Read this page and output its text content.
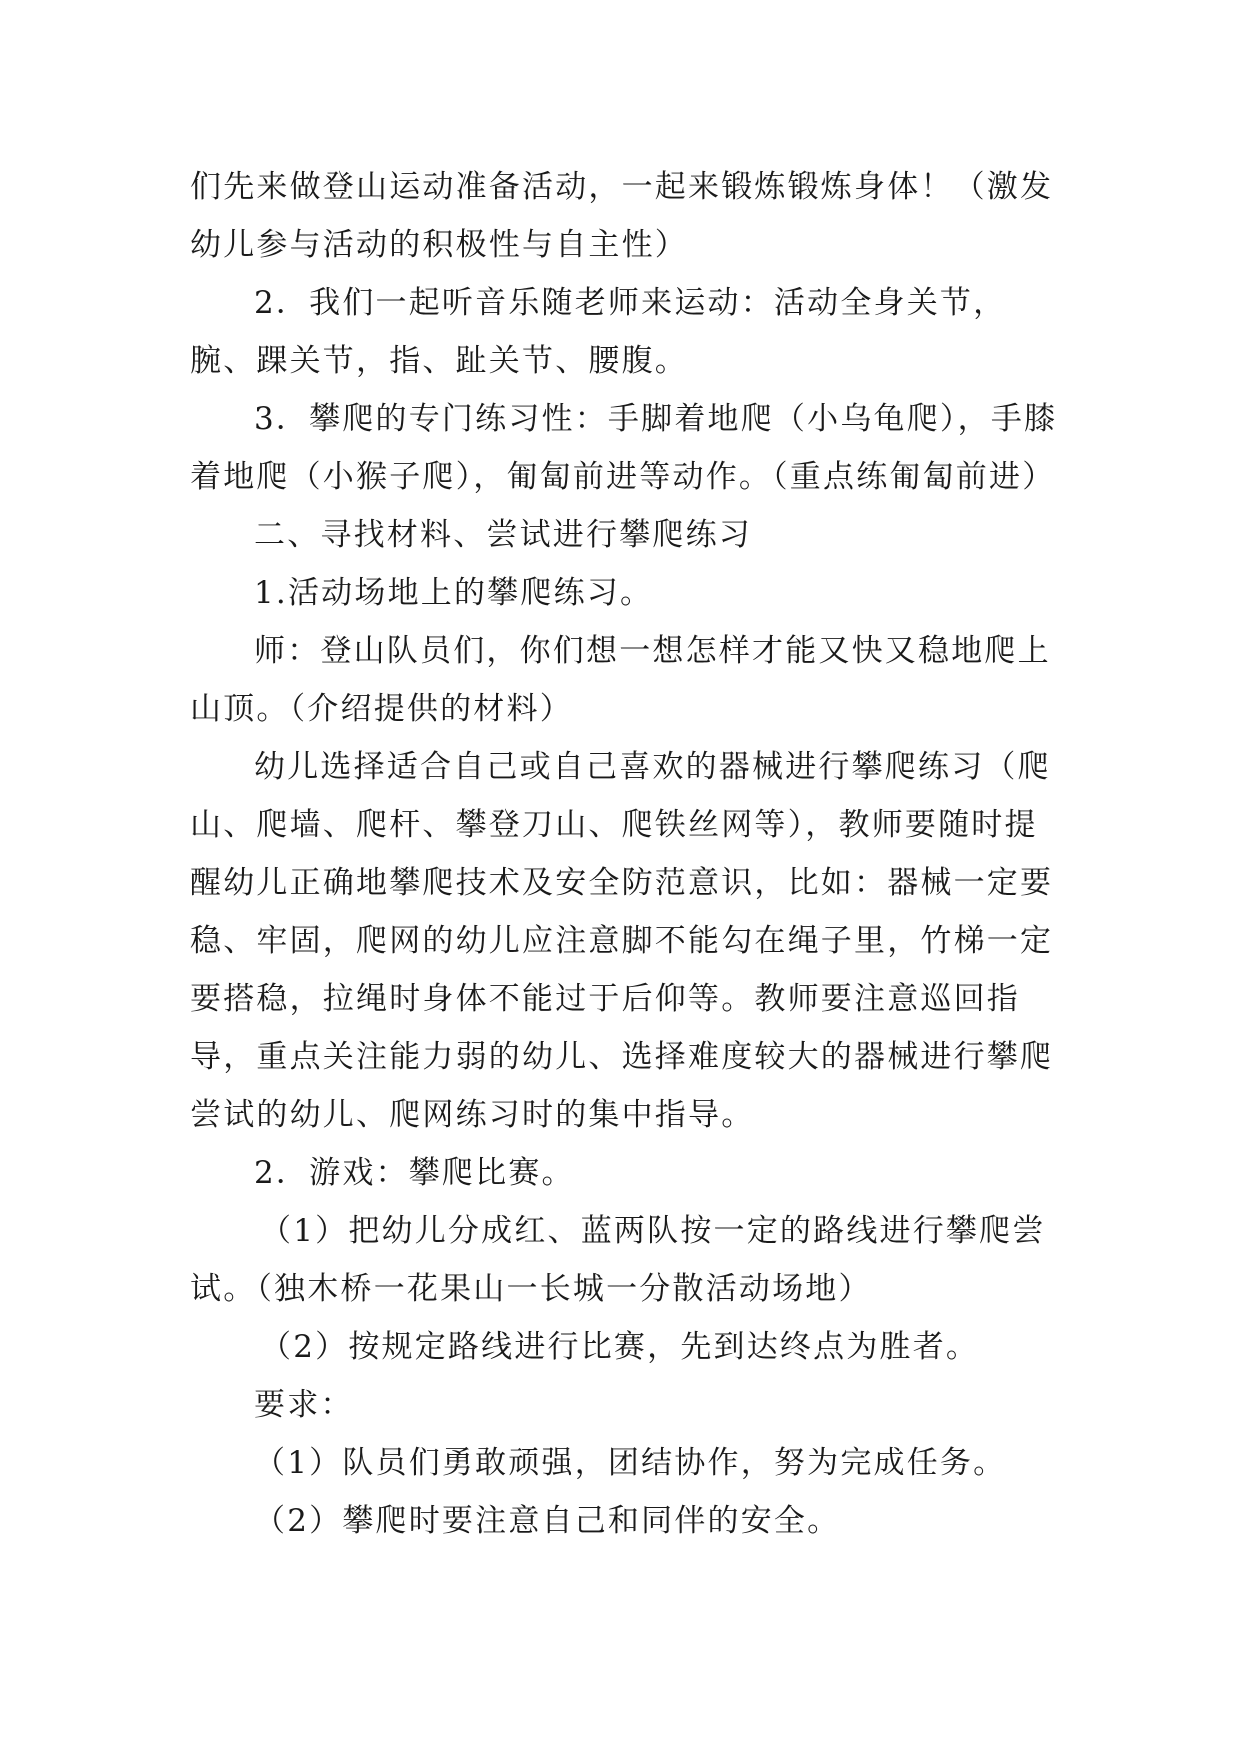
们先来做登山运动准备活动，一起来锻炼锻炼身体！（激发幼儿参与活动的积极性与自主性）

2．我们一起听音乐随老师来运动：活动全身关节，腕、踝关节，指、趾关节、腰腹。

3．攀爬的专门练习性：手脚着地爬（小乌龟爬），手膝着地爬（小猴子爬），匍匐前进等动作。（重点练匍匐前进）

二、寻找材料、尝试进行攀爬练习

1.活动场地上的攀爬练习。

师：登山队员们，你们想一想怎样才能又快又稳地爬上山顶。（介绍提供的材料）

幼儿选择适合自己或自己喜欢的器械进行攀爬练习（爬山、爬墙、爬杆、攀登刀山、爬铁丝网等），教师要随时提醒幼儿正确地攀爬技术及安全防范意识，比如：器械一定要稳、牢固，爬网的幼儿应注意脚不能勾在绳子里，竹梯一定要搭稳，拉绳时身体不能过于后仰等。教师要注意巡回指导，重点关注能力弱的幼儿、选择难度较大的器械进行攀爬尝试的幼儿、爬网练习时的集中指导。

2．游戏：攀爬比赛。

（1）把幼儿分成红、蓝两队按一定的路线进行攀爬尝试。（独木桥一花果山一长城一分散活动场地）

（2）按规定路线进行比赛，先到达终点为胜者。

要求：

（1）队员们勇敢顽强，团结协作，努为完成任务。

（2）攀爬时要注意自己和同伴的安全。
